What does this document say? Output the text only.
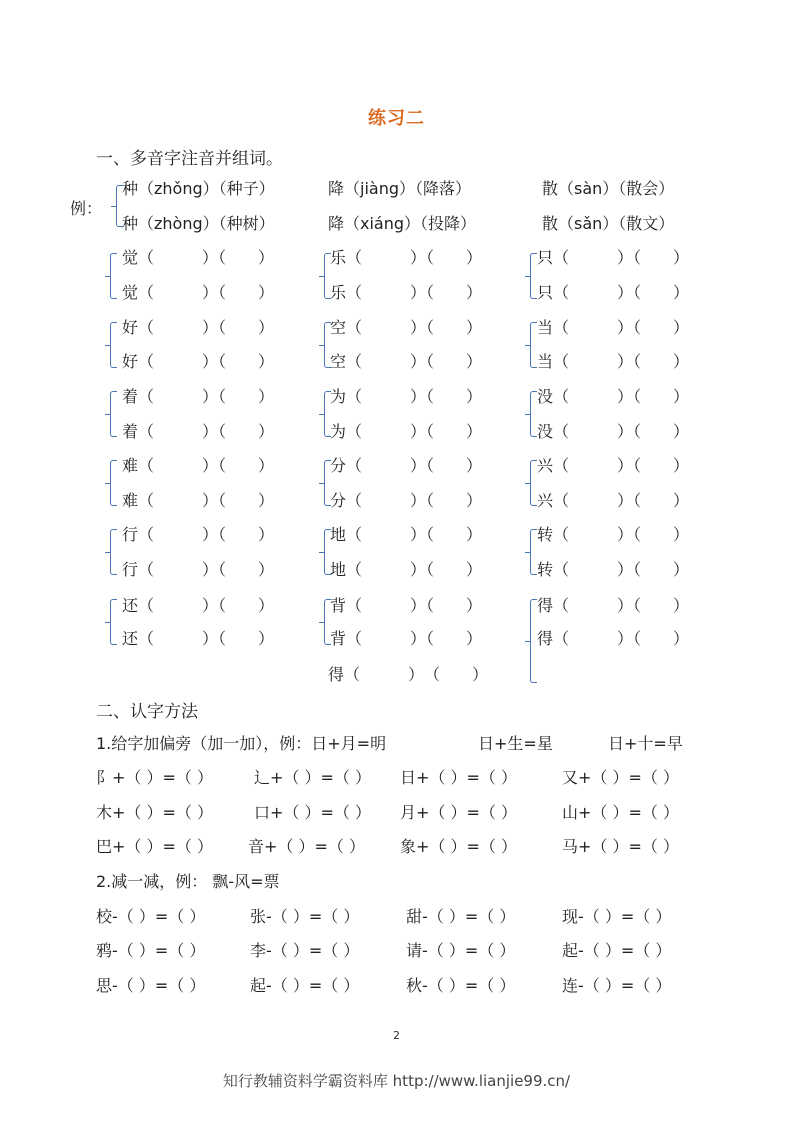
练习二
一、多音字注音并组词。
例：
种（zhǒng）（种子）	降（jiàng）（降落）	散（sàn）（散会）
种（zhòng）（种树）	降（xiáng）（投降）	散（sǎn）（散文）
觉（　　　）（　　）	乐（　　　）（　　）	只（　　　）（　　）
觉（　　　）（　　）	乐（　　　）（　　）	只（　　　）（　　）
好（　　　）（　　）	空（　　　）（　　）	当（　　　）（　　）
好（　　　）（　　）	空（　　　）（　　）	当（　　　）（　　）
着（　　　）（　　）	为（　　　）（　　）	没（　　　）（　　）
着（　　　）（　　）	为（　　　）（　　）	没（　　　）（　　）
难（　　　）（　　）	分（　　　）（　　）	兴（　　　）（　　）
难（　　　）（　　）	分（　　　）（　　）	兴（　　　）（　　）
行（　　　）（　　）	地（　　　）（　　）	转（　　　）（　　）
行（　　　）（　　）	地（　　　）（　　）	转（　　　）（　　）
还（　　　）（　　）	背（　　　）（　　）	得（　　　）（　　）
还（　　　）（　　）	背（　　　）（　　）	得（　　　）（　　）
得（　　　）　（　　）
二、认字方法
1.给字加偏旁（加一加），例：日+月=明	日+生=星	日+十=早
阝+（ ）=（ ）	辶+（ ）=（ ） 日+（ ）=（ ）	又+（ ）=（ ）
木+（ ）=（ ）	口+（ ）=（ ） 月+（ ）=（ ）	山+（ ）=（ ）
巴+（ ）=（ ） 音+（ ）=（ ） 象+（ ）=（ ）	马+（ ）=（ ）
2.减一减，例： 飘-风=票
校-（ ）=（ ）	张-（ ）=（ ）	甜-（ ）=（ ）	现-（ ）=（ ）
鸦-（ ）=（ ）	李-（ ）=（ ）	请-（ ）=（ ）	起-（ ）=（ ）
思-（ ）=（ ）	起-（ ）=（ ）	秋-（ ）=（ ）	连-（ ）=（ ）
2
知行教辅资料学霸资料库 http://www.lianjie99.cn/
